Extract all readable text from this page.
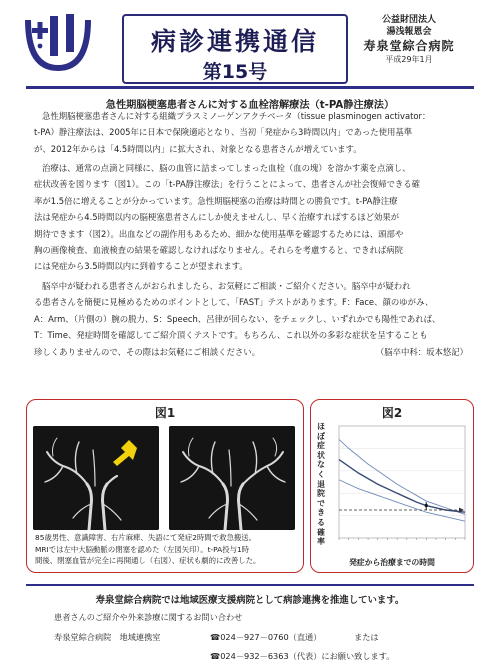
病診連携通信
第15号
公益財団法人
湯浅報恩会
寿泉堂綜合病院
平成29年1月
急性期脳梗塞患者さんに対する血栓溶解療法（t-PA静注療法）
急性期脳梗塞患者さんに対する組織プラスミノーゲンアクチベータ（tissue plasminogen activator：
t-PA）静注療法は、2005年に日本で保険適応となり、当初「発症から3時間以内」であった使用基準
が、2012年からは「4.5時間以内」に拡大され、対象となる患者さんが増えています。
治療は、通常の点滴と同様に、脳の血管に詰まってしまった血栓（血の塊）を溶かす薬を点滴し、
症状改善を図ります（図1）。この「t-PA静注療法」を行うことによって、患者さんが社会復帰できる確
率が1.5倍に増えることが分かっています。急性期脳梗塞の治療は時間との勝負です。t-PA静注療
法は発症から4.5時間以内の脳梗塞患者さんにしか使えませんし、早く治療すればするほど効果が
期待できます（図2）。出血などの副作用もあるため、細かな使用基準を確認するためには、頭部や
胸の画像検査、血液検査の結果を確認しなければなりません。それらを考慮すると、できれば病院
には発症から3.5時間以内に到着することが望まれます。
脳卒中が疑われる患者さんがおられましたら、お気軽にご相談・ご紹介ください。脳卒中が疑われ
る患者さんを簡便に見極めるためのポイントとして、「FAST」テストがあります。F：Face、顔のゆがみ、
A：Arm、（片側の）腕の脱力、S：Speech、呂律が回らない、をチェックし、いずれかでも陽性であれば、
T：Time、発症時間を確認してご紹介頂くテストです。もちろん、これ以外の多彩な症状を呈することも
珍しくありませんので、その際はお気軽にご相談ください。	（脳卒中科：坂本悠記）
図1
85歳男性、意識障害、右片麻痺、失語にて発症2時間で救急搬送。
MRIでは左中大脳動脈の閉塞を認めた（左図矢印）。t-PA投与1時
間後、閉塞血管が完全に再開通し（右図）、症状も劇的に改善した。
図2
ほぼ症状なく退院できる確率
発症から治療までの時間
寿泉堂綜合病院では地域医療支援病院として病診連携を推進しています。
患者さんのご紹介や外来診療に関するお問い合わせ
寿泉堂綜合病院　地域連携室	☎024－927－0760（直通）	または
☎024－932－6363（代表）にお願い致します。
